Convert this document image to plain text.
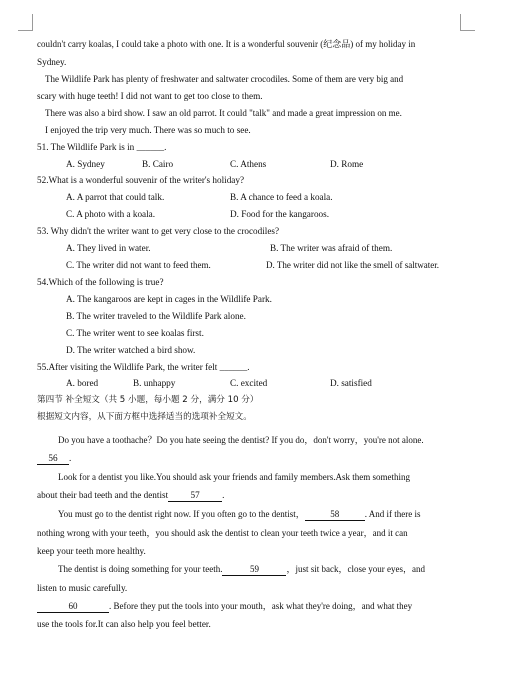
couldn't carry koalas, I could take a photo with one. It is a wonderful souvenir (纪念品) of my holiday in
Sydney.
The Wildlife Park has plenty of freshwater and saltwater crocodiles. Some of them are very big and
scary with huge teeth! I did not want to get too close to them.
There was also a bird show. I saw an old parrot. It could "talk" and made a great impression on me.
I enjoyed the trip very much. There was so much to see.
51. The Wildlife Park is in ______.
A. Sydney	B. Cairo	C. Athens	D. Rome
52.What is a wonderful souvenir of the writer's holiday?
A. A parrot that could talk.	B. A chance to feed a koala.
C. A photo with a koala.	D. Food for the kangaroos.
53. Why didn't the writer want to get very close to the crocodiles?
A. They lived in water.	B. The writer was afraid of them.
C. The writer did not want to feed them.	D. The writer did not like the smell of saltwater.
54.Which of the following is true?
A. The kangaroos are kept in cages in the Wildlife Park.
B. The writer traveled to the Wildlife Park alone.
C. The writer went to see koalas first.
D. The writer watched a bird show.
55.After visiting the Wildlife Park, the writer felt ______.
A. bored	B. unhappy	C. excited	D. satisfied
第四节 补全短文（共 5 小题，每小题 2 分，满分 10 分）
根据短文内容，从下面方框中选择适当的选项补全短文。
Do you have a toothache？Do you hate seeing the dentist? If you do，don't worry，you're not alone.
56 .
Look for a dentist you like.You should ask your friends and family members.Ask them something
about their bad teeth and the dentist 57 .
You must go to the dentist right now. If you often go to the dentist，	58	. And if there is
nothing wrong with your teeth，you should ask the dentist to clean your teeth twice a year，and it can
keep your teeth more healthy.
The dentist is doing something for your teeth.	59	，just sit back，close your eyes，and
listen to music carefully.
60	. Before they put the tools into your mouth，ask what they're doing，and what they
use the tools for.It can also help you feel better.
